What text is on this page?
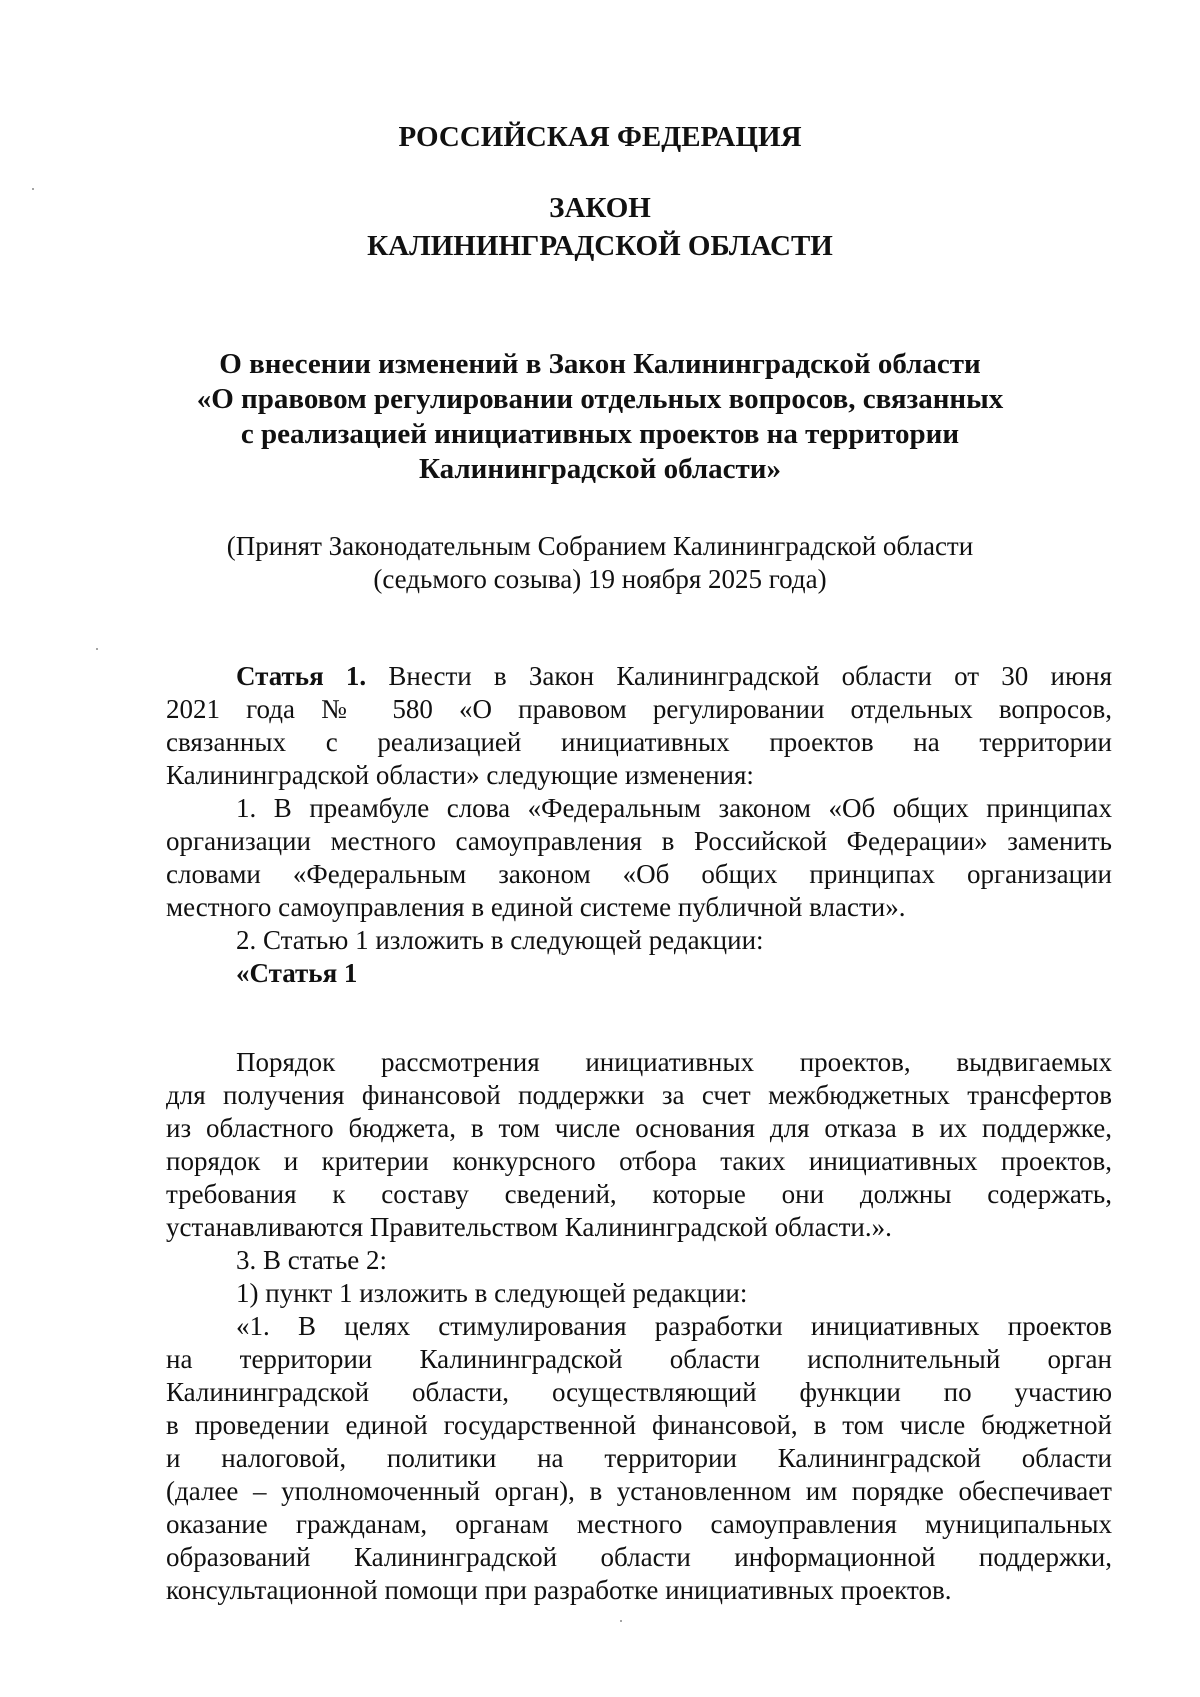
РОССИЙСКАЯ ФЕДЕРАЦИЯ
ЗАКОН
КАЛИНИНГРАДСКОЙ ОБЛАСТИ
О внесении изменений в Закон Калининградской области
«О правовом регулировании отдельных вопросов, связанных
с реализацией инициативных проектов на территории
Калининградской области»
(Принят Законодательным Собранием Калининградской области
(седьмого созыва) 19 ноября 2025 года)
Статья 1. Внести в Закон Калининградской области от 30 июня
2021 года № 580 «О правовом регулировании отдельных вопросов,
связанных с реализацией инициативных проектов на территории
Калининградской области» следующие изменения:
1. В преамбуле слова «Федеральным законом «Об общих принципах
организации местного самоуправления в Российской Федерации» заменить
словами «Федеральным законом «Об общих принципах организации
местного самоуправления в единой системе публичной власти».
2. Статью 1 изложить в следующей редакции:
«Статья 1
Порядок рассмотрения инициативных проектов, выдвигаемых
для получения финансовой поддержки за счет межбюджетных трансфертов
из областного бюджета, в том числе основания для отказа в их поддержке,
порядок и критерии конкурсного отбора таких инициативных проектов,
требования к составу сведений, которые они должны содержать,
устанавливаются Правительством Калининградской области.».
3. В статье 2:
1) пункт 1 изложить в следующей редакции:
«1. В целях стимулирования разработки инициативных проектов
на территории Калининградской области исполнительный орган
Калининградской области, осуществляющий функции по участию
в проведении единой государственной финансовой, в том числе бюджетной
и налоговой, политики на территории Калининградской области
(далее – уполномоченный орган), в установленном им порядке обеспечивает
оказание гражданам, органам местного самоуправления муниципальных
образований Калининградской области информационной поддержки,
консультационной помощи при разработке инициативных проектов.
